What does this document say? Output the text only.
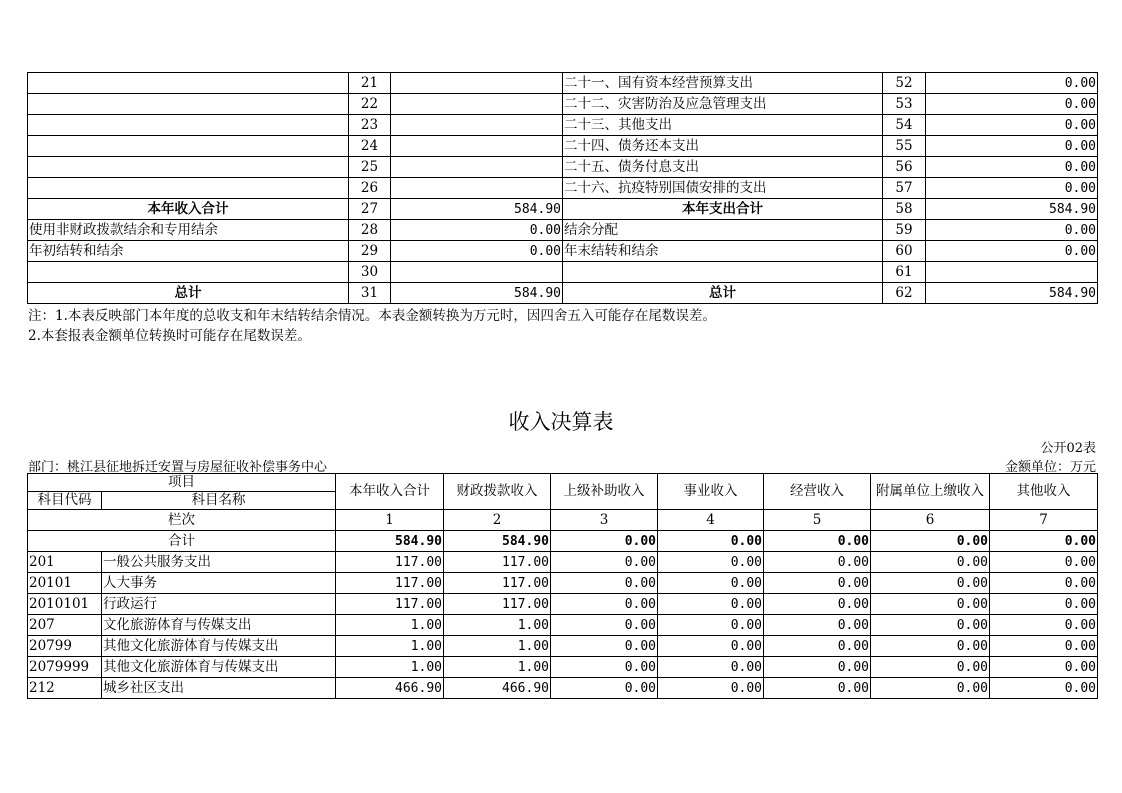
	21		二十一、国有资本经营预算支出	52	0.00
	22		二十二、灾害防治及应急管理支出	53	0.00
	23		二十三、其他支出	54	0.00
	24		二十四、债务还本支出	55	0.00
	25		二十五、债务付息支出	56	0.00
	26		二十六、抗疫特别国债安排的支出	57	0.00
本年收入合计	27	584.90	本年支出合计	58	584.90
使用非财政拨款结余和专用结余	28	0.00	结余分配	59	0.00
年初结转和结余	29	0.00	年末结转和结余	60	0.00
	30			61	
总计	31	584.90	总计	62	584.90
注：1.本表反映部门本年度的总收支和年末结转结余情况。本表金额转换为万元时，因四舍五入可能存在尾数误差。
2.本套报表金额单位转换时可能存在尾数误差。
收入决算表
公开02表
部门：桃江县征地拆迁安置与房屋征收补偿事务中心	金额单位：万元
项目		本年收入合计	财政拨款收入	上级补助收入	事业收入	经营收入	附属单位上缴收入	其他收入
科目代码	科目名称							
栏次		1	2	3	4	5	6	7
合计		584.90	584.90	0.00	0.00	0.00	0.00	0.00
201	一般公共服务支出	117.00	117.00	0.00	0.00	0.00	0.00	0.00
20101	人大事务	117.00	117.00	0.00	0.00	0.00	0.00	0.00
2010101	行政运行	117.00	117.00	0.00	0.00	0.00	0.00	0.00
207	文化旅游体育与传媒支出	1.00	1.00	0.00	0.00	0.00	0.00	0.00
20799	其他文化旅游体育与传媒支出	1.00	1.00	0.00	0.00	0.00	0.00	0.00
2079999	其他文化旅游体育与传媒支出	1.00	1.00	0.00	0.00	0.00	0.00	0.00
212	城乡社区支出	466.90	466.90	0.00	0.00	0.00	0.00	0.00
